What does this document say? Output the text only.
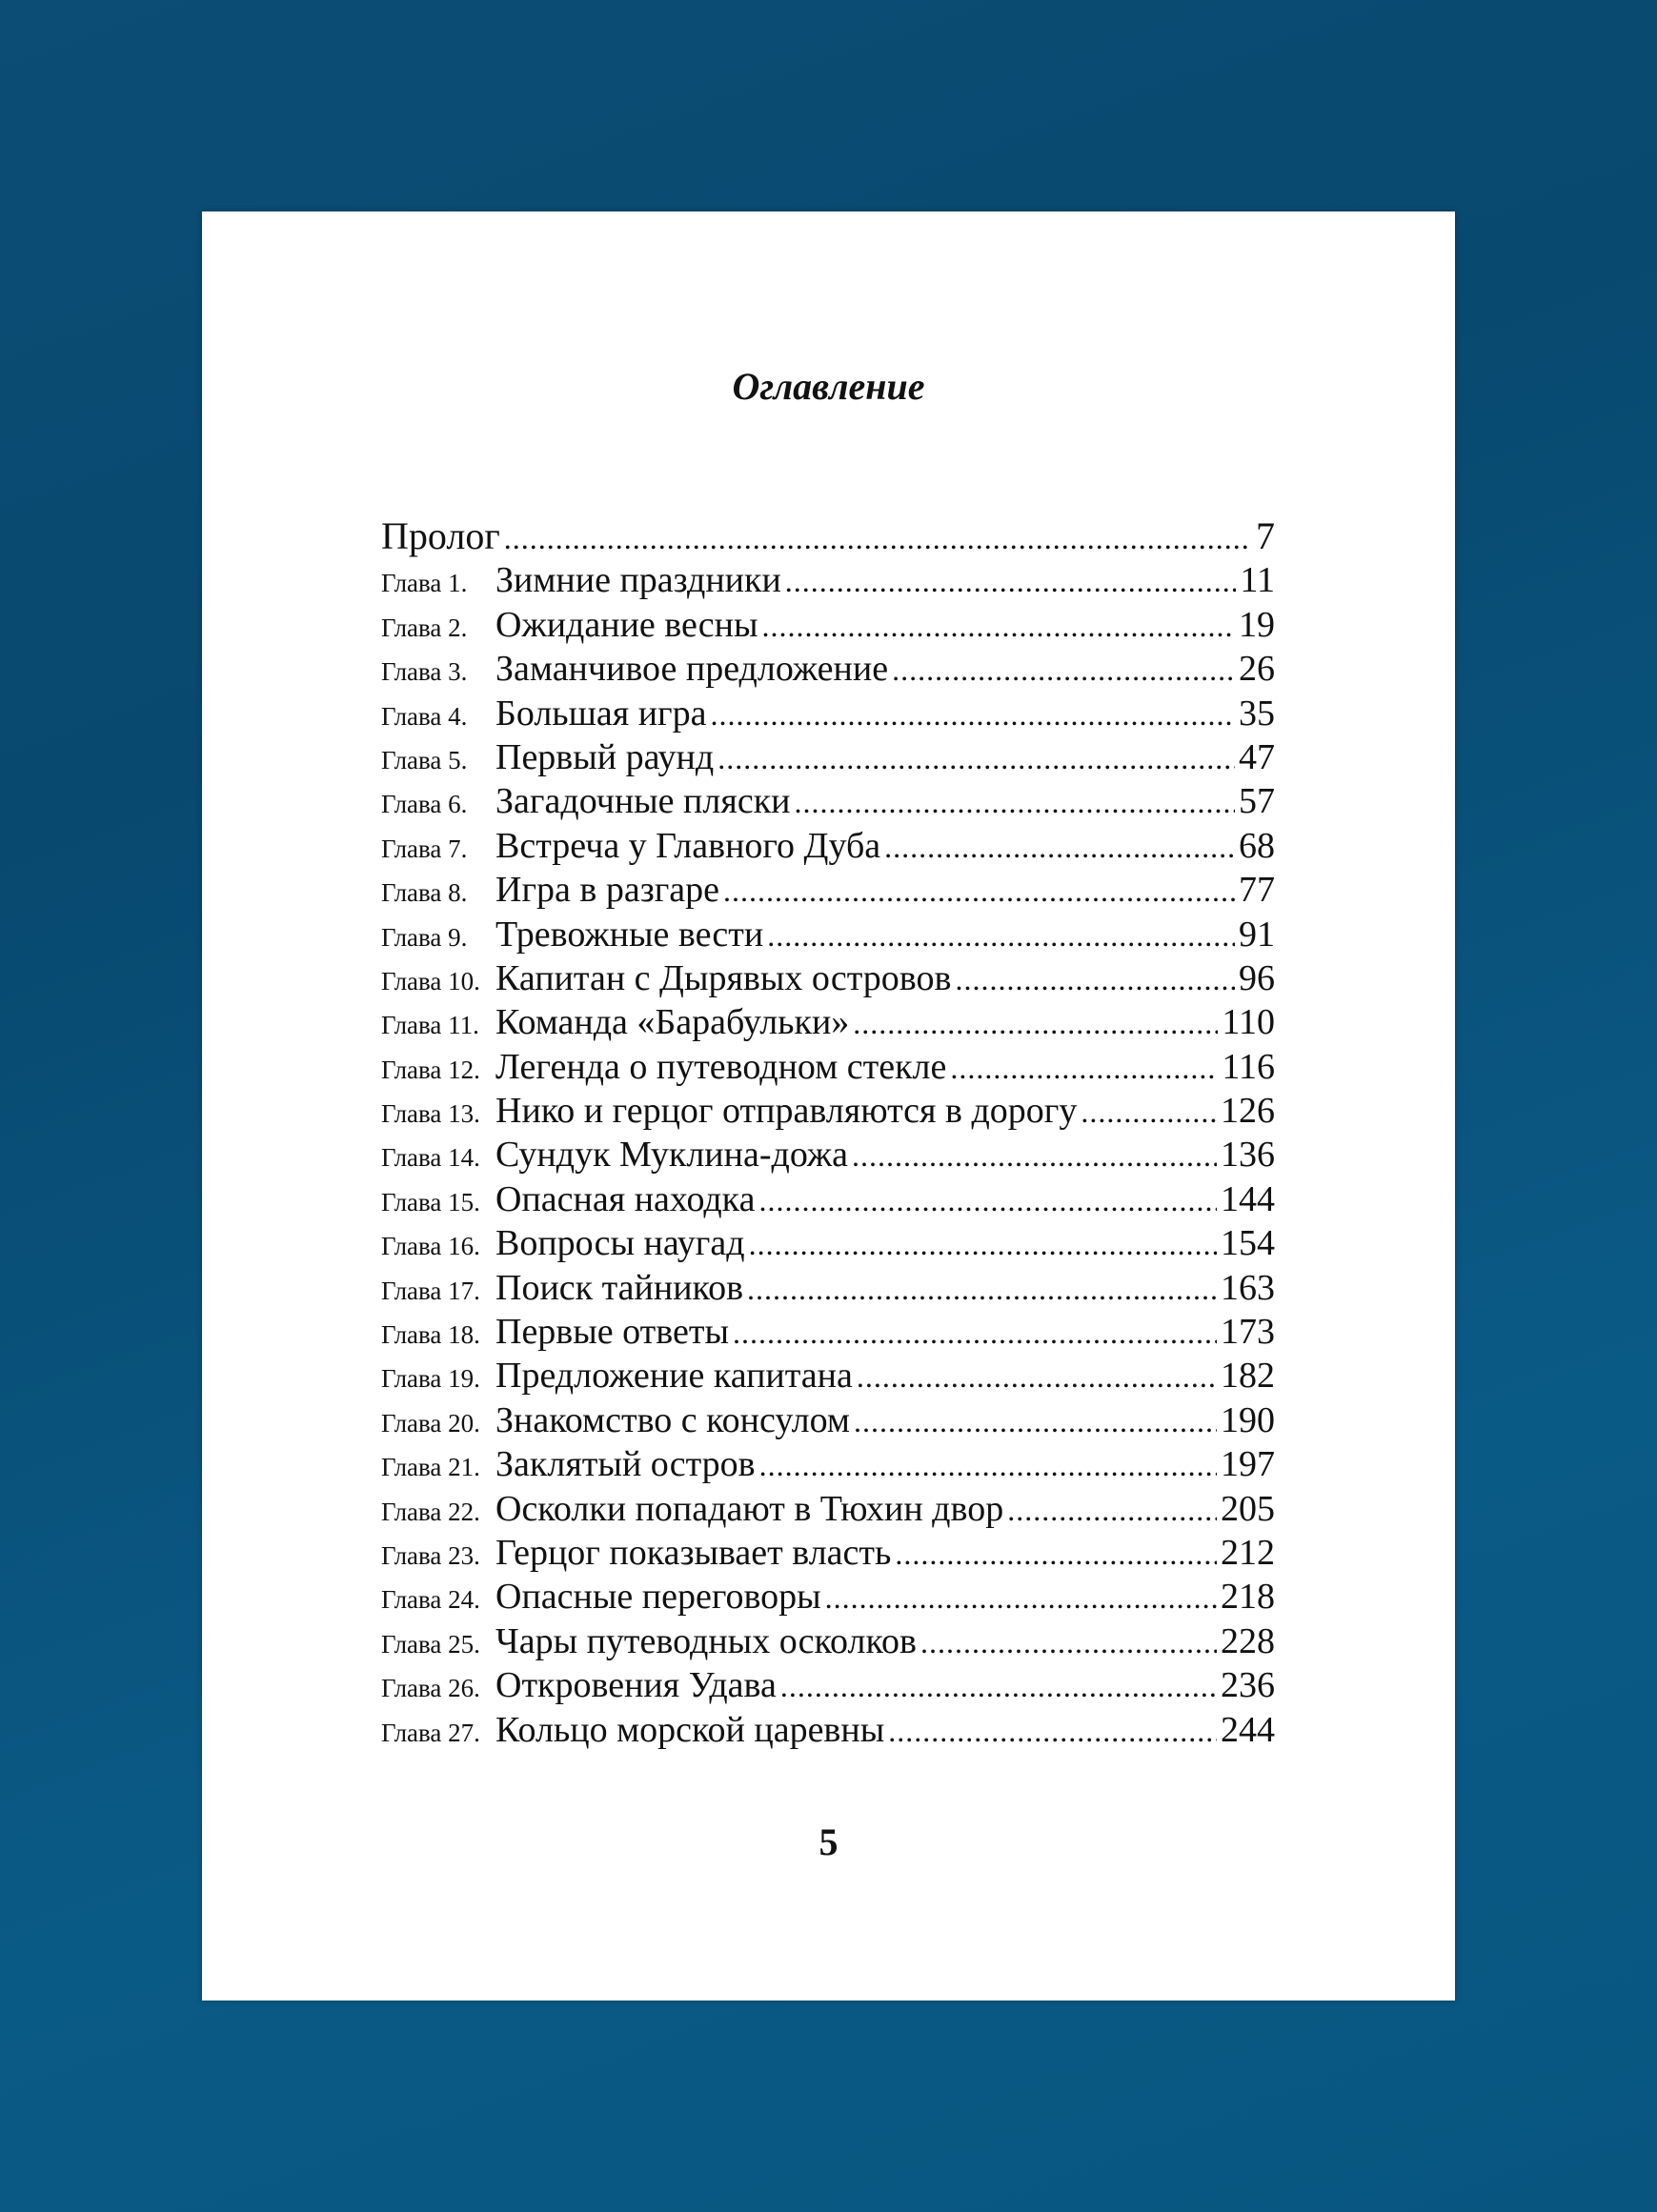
Оглавление
Пролог .....	7
Глава 1. Зимние праздники .....	11
Глава 2. Ожидание весны .....	19
Глава 3. Заманчивое предложение .....	26
Глава 4. Большая игра .....	35
Глава 5. Первый раунд .....	47
Глава 6. Загадочные пляски .....	57
Глава 7. Встреча у Главного Дуба .....	68
Глава 8. Игра в разгаре .....	77
Глава 9. Тревожные вести .....	91
Глава 10. Капитан с Дырявых островов .....	96
Глава 11. Команда «Барабульки» .....	110
Глава 12. Легенда о путеводном стекле .....	116
Глава 13. Нико и герцог отправляются в дорогу .....	126
Глава 14. Сундук Муклина-дожа .....	136
Глава 15. Опасная находка .....	144
Глава 16. Вопросы наугад .....	154
Глава 17. Поиск тайников .....	163
Глава 18. Первые ответы .....	173
Глава 19. Предложение капитана .....	182
Глава 20. Знакомство с консулом .....	190
Глава 21. Заклятый остров .....	197
Глава 22. Осколки попадают в Тюхин двор .....	205
Глава 23. Герцог показывает власть .....	212
Глава 24. Опасные переговоры .....	218
Глава 25. Чары путеводных осколков .....	228
Глава 26. Откровения Удава .....	236
Глава 27. Кольцо морской царевны .....	244
5
